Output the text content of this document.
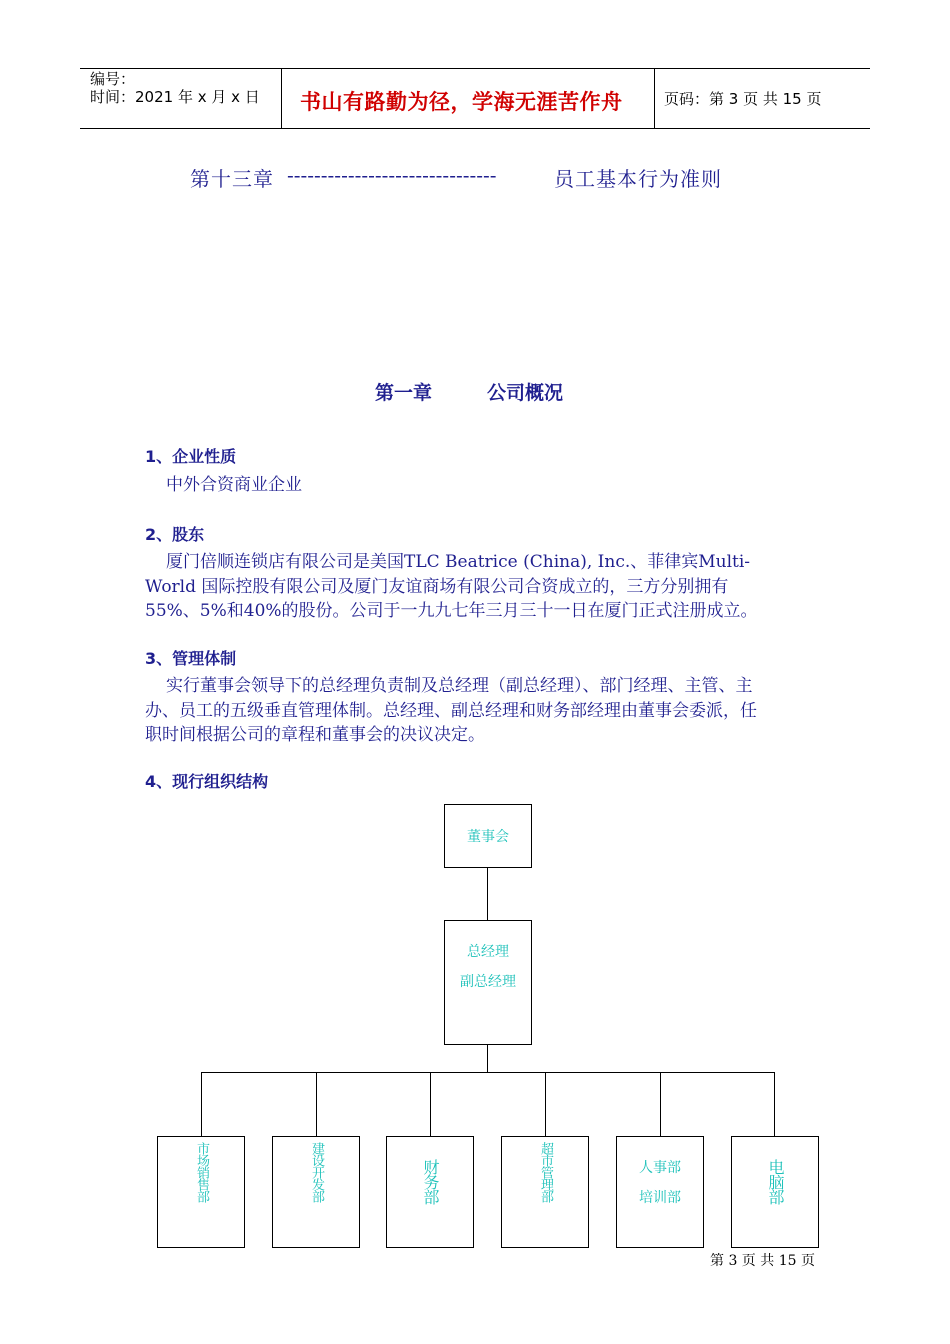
编号：
时间：2021 年 x 月 x 日 书山有路勤为径，学海无涯苦作舟	页码：第 3 页 共 15 页
第十三章 -------------------------------	员工基本行为准则
第一章	公司概况
1、企业性质
中外合资商业企业
2、股东
厦门倍顺连锁店有限公司是美国TLC Beatrice (China), Inc.、菲律宾Multi-
World 国际控股有限公司及厦门友谊商场有限公司合资成立的，三方分别拥有
55%、5%和40%的股份。公司于一九九七年三月三十一日在厦门正式注册成立。
3、管理体制
实行董事会领导下的总经理负责制及总经理（副总经理）、部门经理、主管、主
办、员工的五级垂直管理体制。总经理、副总经理和财务部经理由董事会委派，任
职时间根据公司的章程和董事会的决议决定。
4、现行组织结构
董事会
总经理
副总经理
市场销售部	建设开发部	财务部	超市管理部	人事部
培训部	电脑部
第 3 页 共 15 页
